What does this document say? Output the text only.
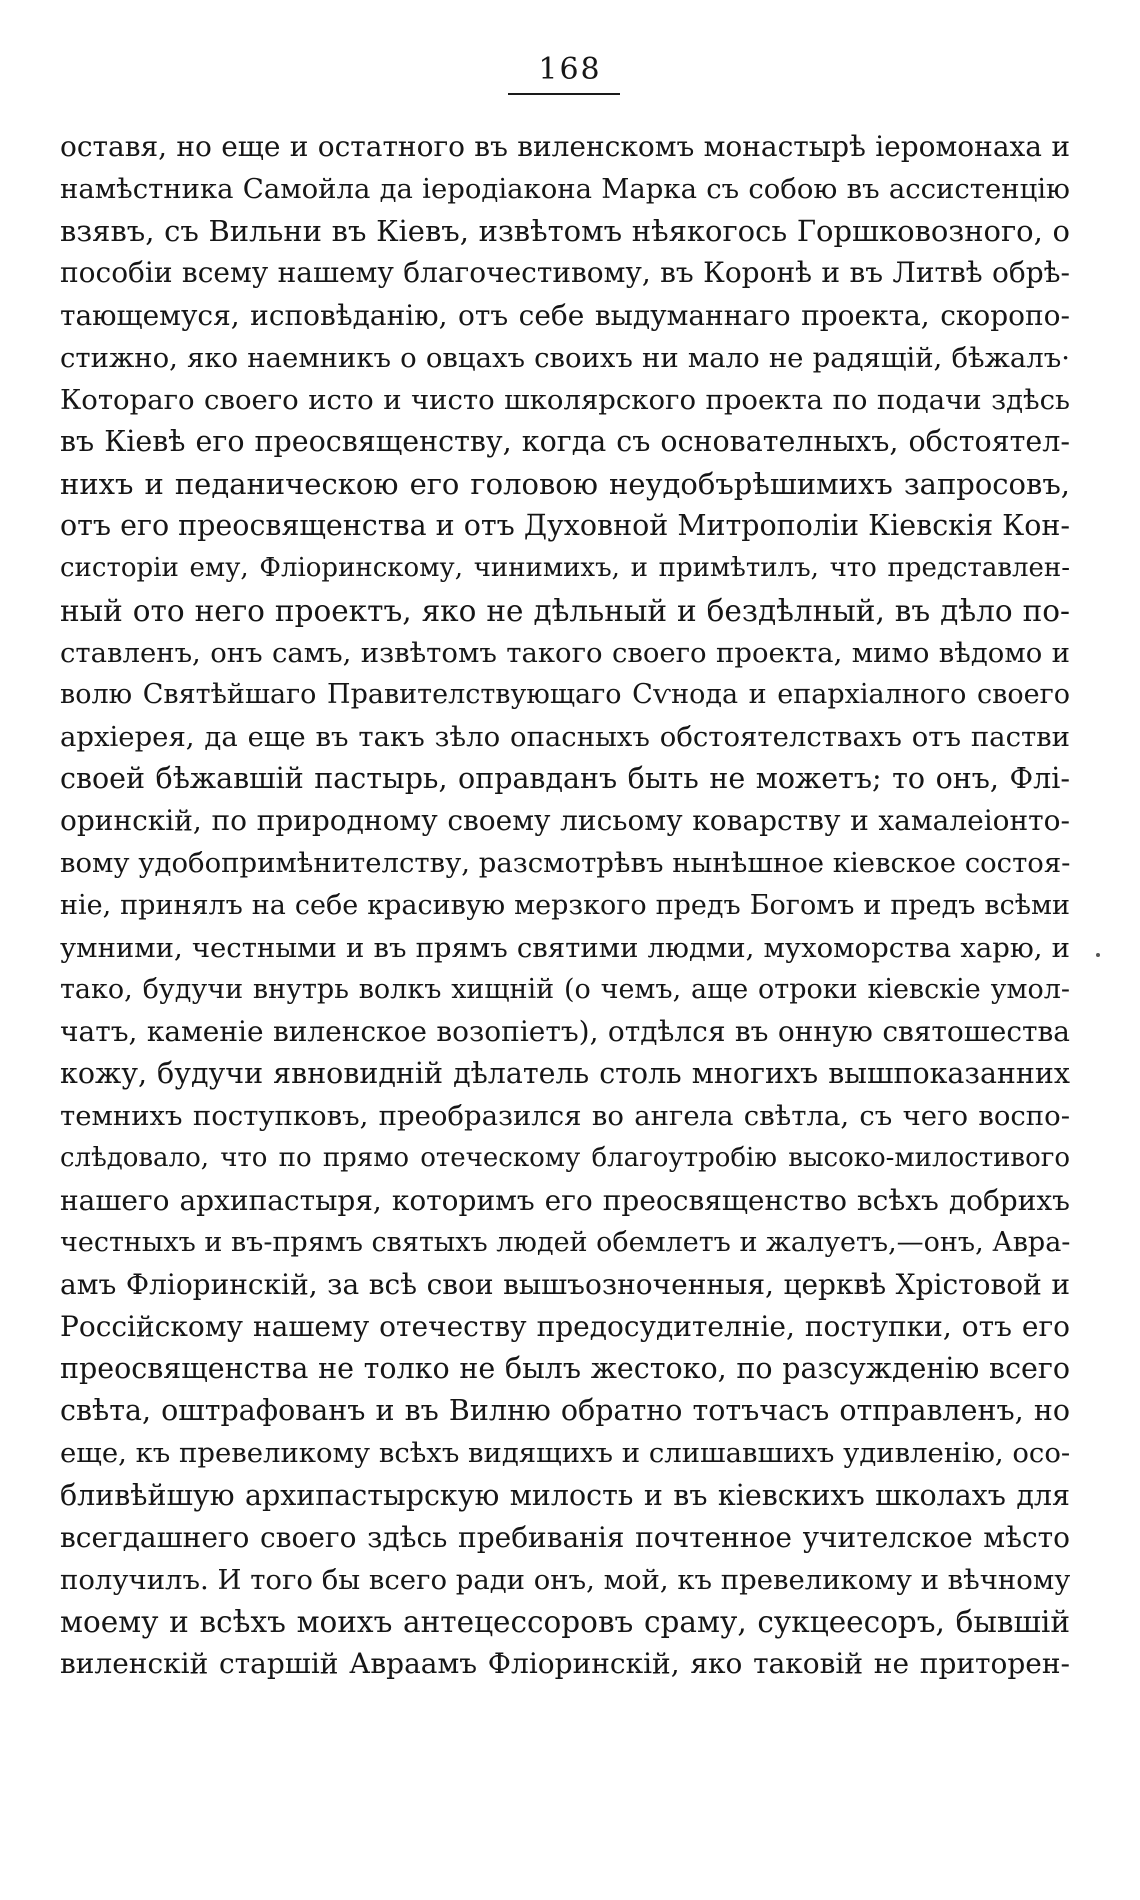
168
оставя, но еще и остатного въ виленскомъ монастырѣ іеромонаха и
намѣстника Самойла да іеродіакона Марка съ собою въ ассистенцію
взявъ, съ Вильни въ Кіевъ, извѣтомъ нѣякогось Горшковозного, о
пособіи всему нашему благочестивому, въ Коронѣ и въ Литвѣ обрѣ-
тающемуся, исповѣданію, отъ себе выдуманнаго проекта, скоропо-
стижно, яко наемникъ о овцахъ своихъ ни мало не радящій, бѣжалъ·
Котораго своего исто и чисто школярского проекта по подачи здѣсь
въ Кіевѣ его преосвященству, когда съ основателныхъ, обстоятел-
нихъ и педаническою его головою неудобърѣшимихъ запросовъ,
отъ его преосвященства и отъ Духовной Митрополіи Кіевскія Кон-
систоріи ему, Фліоринскому, чинимихъ, и примѣтилъ, что представлен-
ный ото него проектъ, яко не дѣльный и бездѣлный, въ дѣло по-
ставленъ, онъ самъ, извѣтомъ такого своего проекта, мимо вѣдомо и
волю Святѣйшаго Правителствующаго Сѵнода и епархіалного своего
архіерея, да еще въ такъ зѣло опасныхъ обстоятелствахъ отъ пастви
своей бѣжавшій пастырь, оправданъ быть не можетъ; то онъ, Флі-
оринскій, по природному своему лисьому коварству и хамалеіонто-
вому удобопримѣнителству, разсмотрѣвъ нынѣшное кіевское состоя-
ніе, принялъ на себе красивую мерзкого предъ Богомъ и предъ всѣми
умними, честными и въ прямъ святими людми, мухоморства харю, и
тако, будучи внутрь волкъ хищній (о чемъ, аще отроки кіевскіе умол-
чатъ, каменіе виленское возопіетъ), отдѣлся въ онную святошества
кожу, будучи явновидній дѣлатель столь многихъ вышпоказанних
темнихъ поступковъ, преобразился во ангела свѣтла, съ чего воспо-
слѣдовало, что по прямо отеческому благоутробію высоко-милостивого
нашего архипастыря, которимъ его преосвященство всѣхъ добрихъ
честныхъ и въ-прямъ святыхъ людей обемлетъ и жалуетъ,—онъ, Авра-
амъ Фліоринскій, за всѣ свои вышъозноченныя, церквѣ Хрістовой и
Россійскому нашему отечеству предосудителніе, поступки, отъ его
преосвященства не толко не былъ жестоко, по разсужденію всего
свѣта, оштрафованъ и въ Вилню обратно тотъчасъ отправленъ, но
еще, къ превеликому всѣхъ видящихъ и слишавшихъ удивленію, осо-
бливѣйшую архипастырскую милость и въ кіевскихъ школахъ для
всегдашнего своего здѣсь пребиванія почтенное учителское мѣсто
получилъ. И того бы всего ради онъ, мой, къ превеликому и вѣчному
моему и всѣхъ моихъ антецессоровъ сраму, сукцеесоръ, бывшій
виленскій старшій Авраамъ Фліоринскій, яко таковій не приторен-
